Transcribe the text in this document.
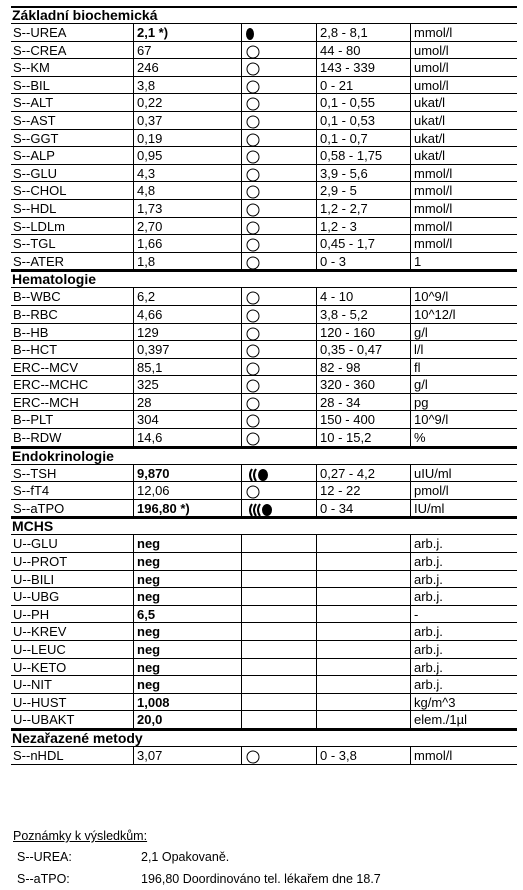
Základní biochemická
S--UREA	2,1 *)	2,8 - 8,1	mmol/l
S--CREA	67	44 - 80	umol/l
S--KM	246	143 - 339	umol/l
S--BIL	3,8	0 - 21	umol/l
S--ALT	0,22	0,1 - 0,55	ukat/l
S--AST	0,37	0,1 - 0,53	ukat/l
S--GGT	0,19	0,1 - 0,7	ukat/l
S--ALP	0,95	0,58 - 1,75 ukat/l
S--GLU	4,3	3,9 - 5,6	mmol/l
S--CHOL	4,8	2,9 - 5	mmol/l
S--HDL	1,73	1,2 - 2,7	mmol/l
S--LDLm	2,70	1,2 - 3	mmol/l
S--TGL	1,66	0,45 - 1,7	mmol/l
S--ATER	1,8	0 - 3	1
Hematologie
B--WBC	6,2	4 - 10	10^9/l
B--RBC	4,66	3,8 - 5,2	10^12/l
B--HB	129	120 - 160	g/l
B--HCT	0,397	0,35 - 0,47 l/l
ERC--MCV	85,1	82 - 98	fl
ERC--MCHC	325	320 - 360	g/l
ERC--MCH	28	28 - 34	pg
B--PLT	304	150 - 400	10^9/l
B--RDW	14,6	10 - 15,2	%
Endokrinologie
S--TSH	9,870	0,27 - 4,2	uIU/ml
S--fT4	12,06	12 - 22	pmol/l
S--aTPO	196,80 *)	0 - 34	IU/ml
MCHS
U--GLU	neg	arb.j.
U--PROT	neg	arb.j.
U--BILI	neg	arb.j.
U--UBG	neg	arb.j.
U--PH	6,5	-
U--KREV	neg	arb.j.
U--LEUC	neg	arb.j.
U--KETO	neg	arb.j.
U--NIT	neg	arb.j.
U--HUST	1,008	kg/m^3
U--UBAKT	20,0	elem./1µl
Nezařazené metody
S--nHDL	3,07	0 - 3,8	mmol/l
Poznámky k výsledkům:
S--UREA:	2,1 Opakovaně.
S--aTPO:	196,80 Doordinováno tel. lékařem dne 18.7
